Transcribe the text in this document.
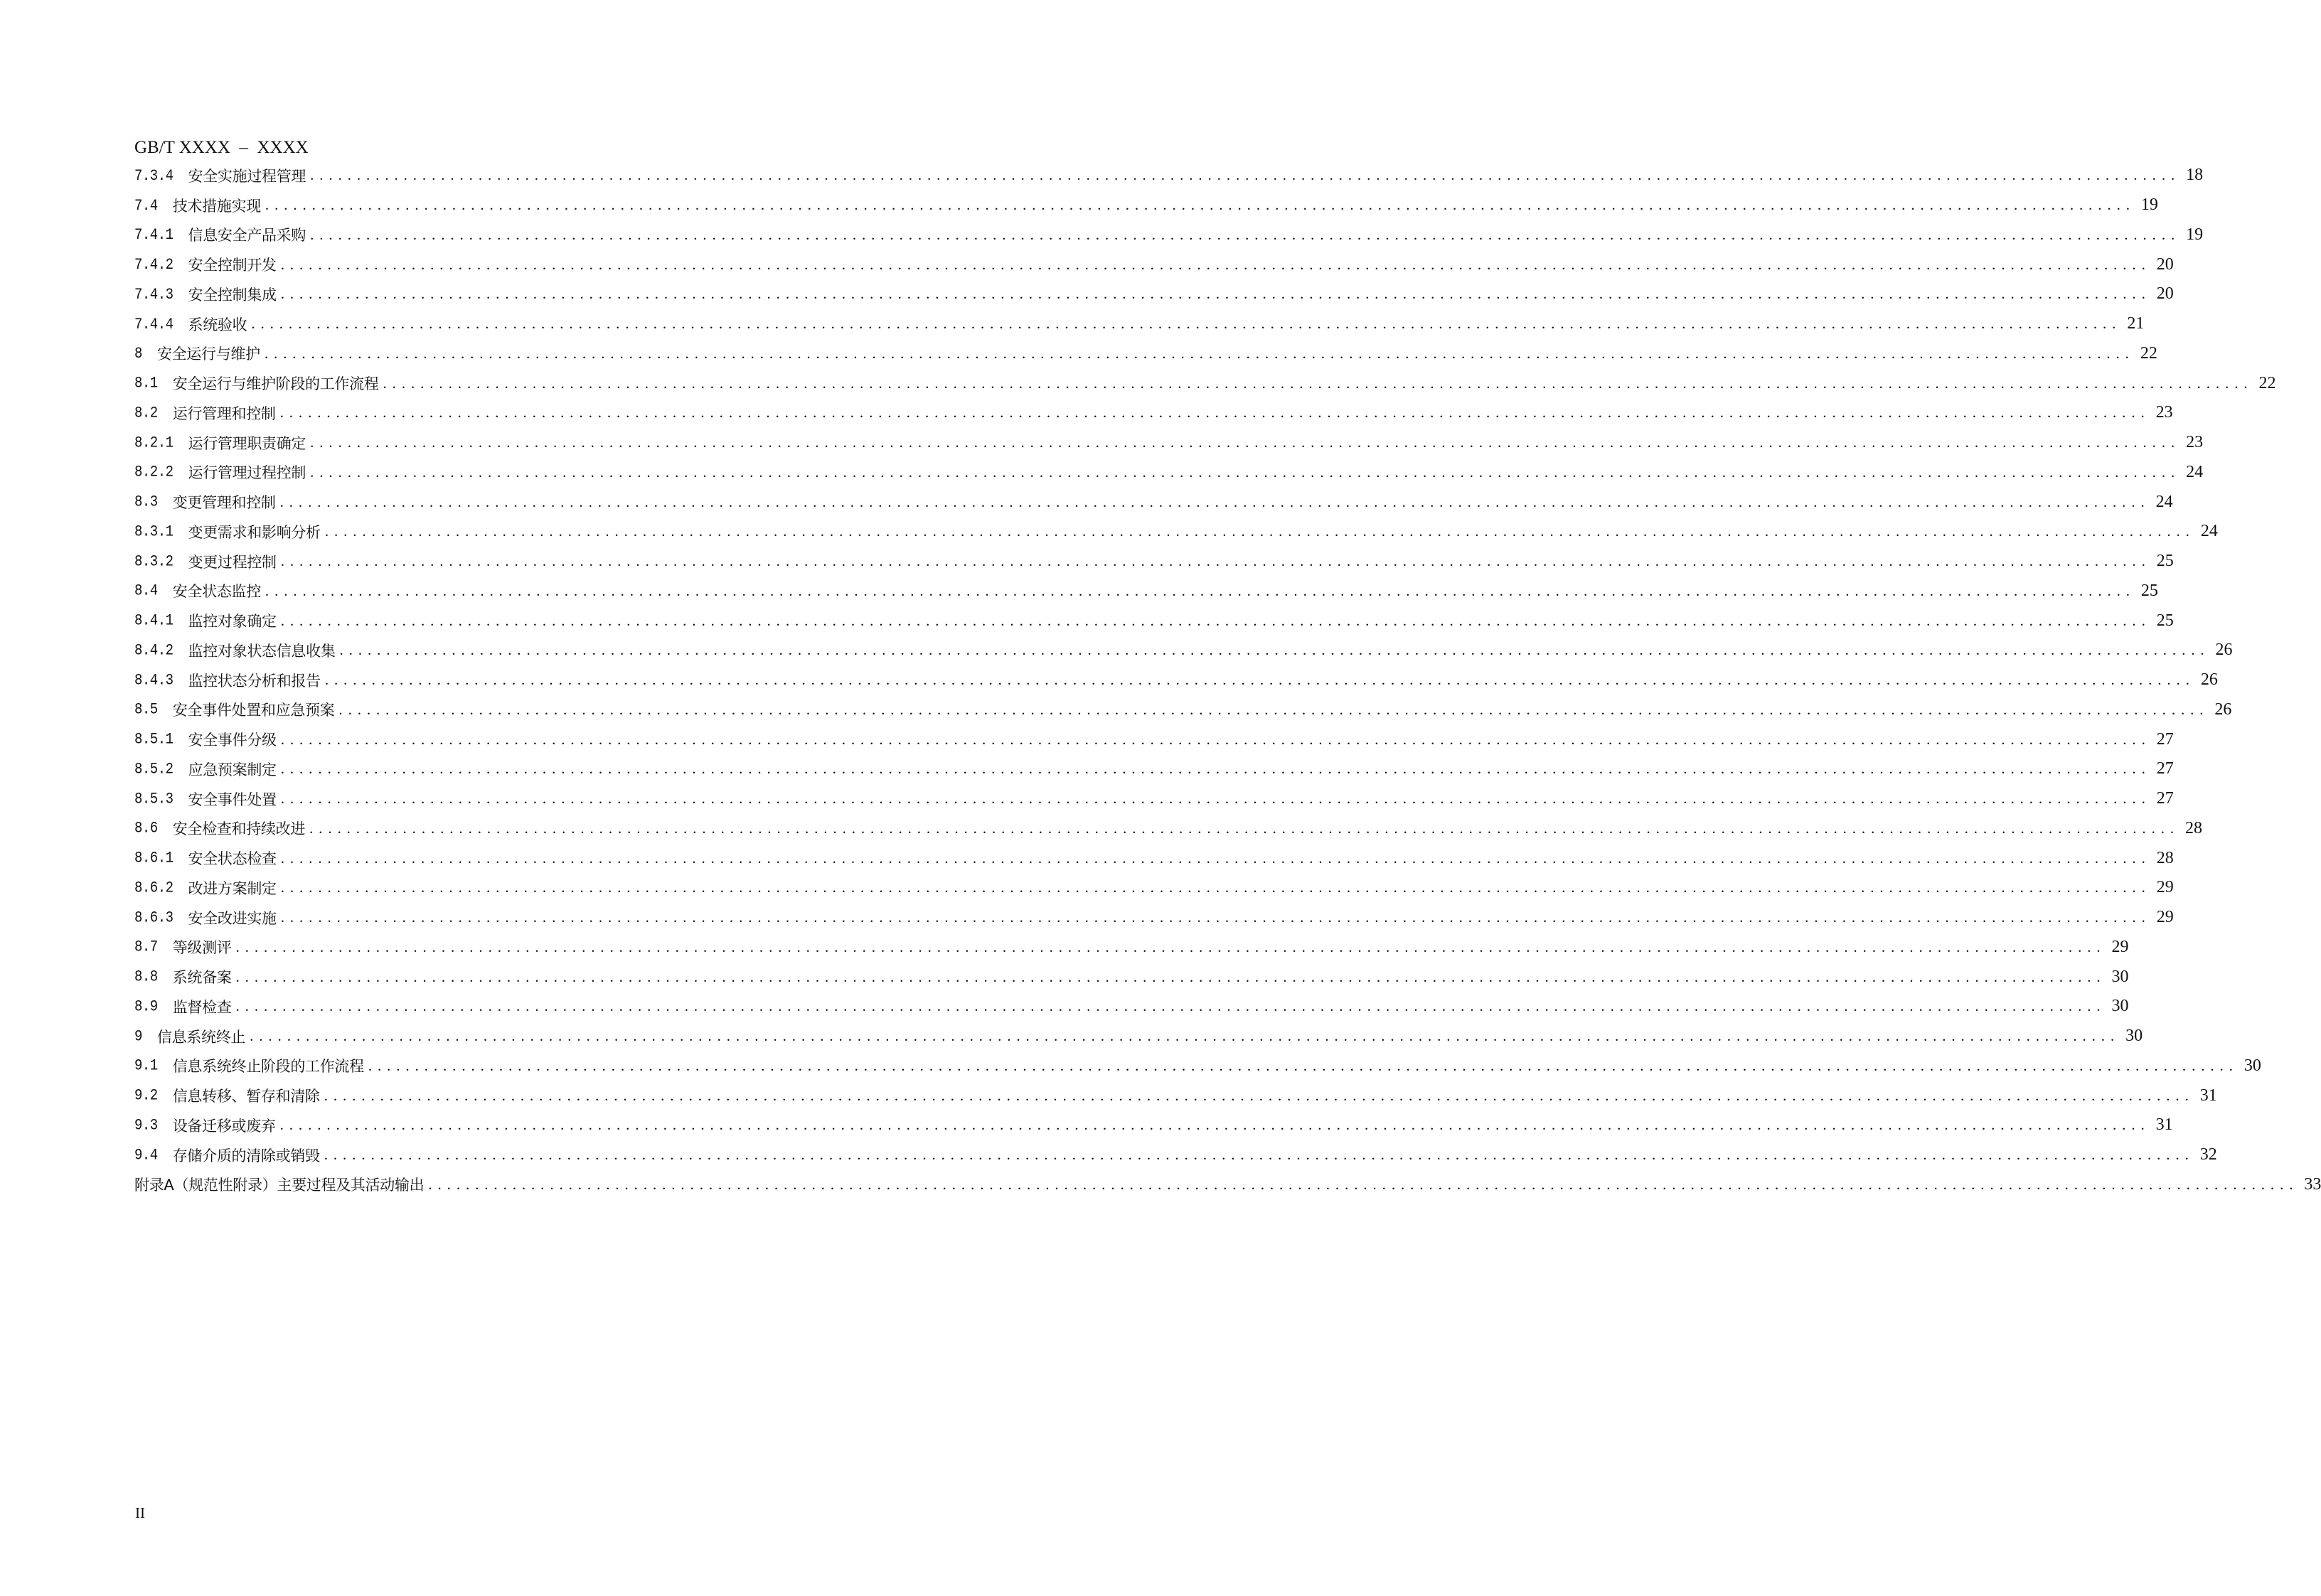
GB/T XXXX  –  XXXX
7.3.4 安全实施过程管理 ........................................................................................................................................................................................................ 18
7.4 技术措施实现 ........................................................................................................................................................................................................ 19
7.4.1 信息安全产品采购 ........................................................................................................................................................................................................ 19
7.4.2 安全控制开发 ........................................................................................................................................................................................................ 20
7.4.3 安全控制集成 ........................................................................................................................................................................................................ 20
7.4.4 系统验收 ........................................................................................................................................................................................................ 21
8 安全运行与维护 ........................................................................................................................................................................................................ 22
8.1 安全运行与维护阶段的工作流程 ........................................................................................................................................................................................................ 22
8.2 运行管理和控制 ........................................................................................................................................................................................................ 23
8.2.1 运行管理职责确定 ........................................................................................................................................................................................................ 23
8.2.2 运行管理过程控制 ........................................................................................................................................................................................................ 24
8.3 变更管理和控制 ........................................................................................................................................................................................................ 24
8.3.1 变更需求和影响分析 ........................................................................................................................................................................................................ 24
8.3.2 变更过程控制 ........................................................................................................................................................................................................ 25
8.4 安全状态监控 ........................................................................................................................................................................................................ 25
8.4.1 监控对象确定 ........................................................................................................................................................................................................ 25
8.4.2 监控对象状态信息收集 ........................................................................................................................................................................................................ 26
8.4.3 监控状态分析和报告 ........................................................................................................................................................................................................ 26
8.5 安全事件处置和应急预案 ........................................................................................................................................................................................................ 26
8.5.1 安全事件分级 ........................................................................................................................................................................................................ 27
8.5.2 应急预案制定 ........................................................................................................................................................................................................ 27
8.5.3 安全事件处置 ........................................................................................................................................................................................................ 27
8.6 安全检查和持续改进 ........................................................................................................................................................................................................ 28
8.6.1 安全状态检查 ........................................................................................................................................................................................................ 28
8.6.2 改进方案制定 ........................................................................................................................................................................................................ 29
8.6.3 安全改进实施 ........................................................................................................................................................................................................ 29
8.7 等级测评 ........................................................................................................................................................................................................ 29
8.8 系统备案 ........................................................................................................................................................................................................ 30
8.9 监督检查 ........................................................................................................................................................................................................ 30
9 信息系统终止 ........................................................................................................................................................................................................ 30
9.1 信息系统终止阶段的工作流程 ........................................................................................................................................................................................................ 30
9.2 信息转移、暂存和清除 ........................................................................................................................................................................................................ 31
9.3 设备迁移或废弃 ........................................................................................................................................................................................................ 31
9.4 存储介质的清除或销毁 ........................................................................................................................................................................................................ 32
附录A（规范性附录）主要过程及其活动输出 ........................................................................................................................................................................................................ 33
II
